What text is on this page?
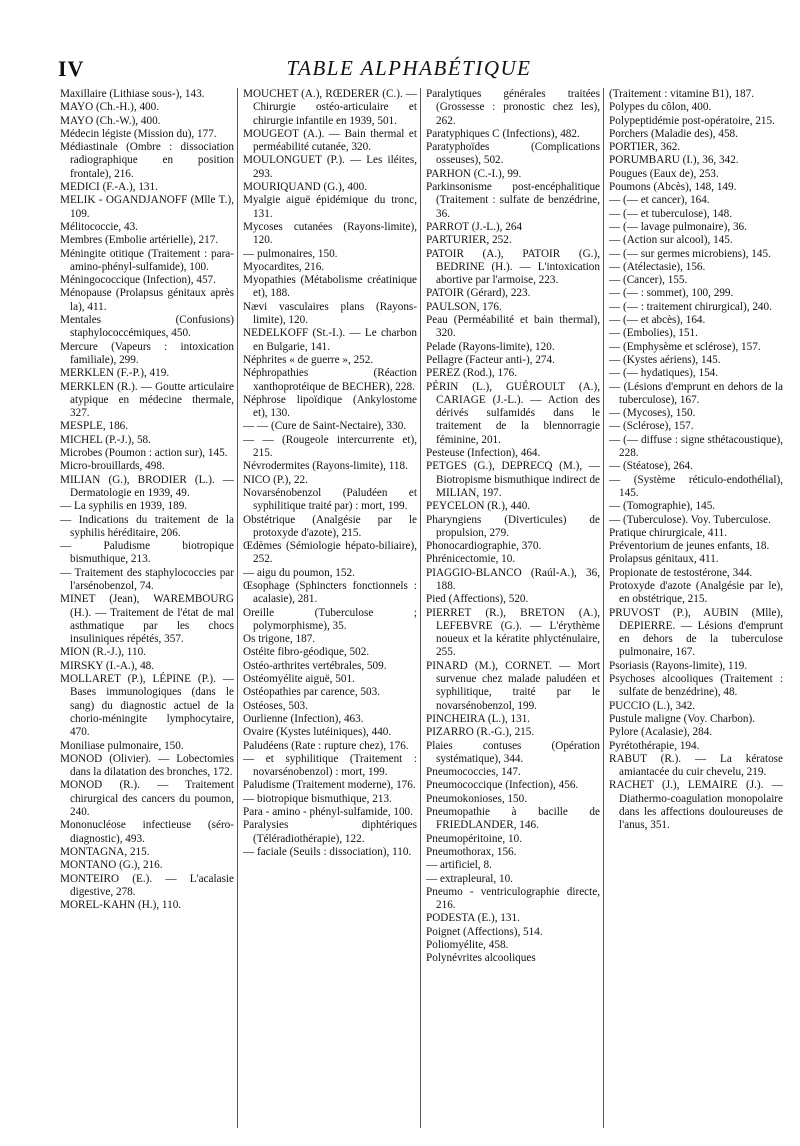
IV	TABLE ALPHABÉTIQUE

Maxillaire (Lithiase sous-), 143.

MAYO (Ch.-H.), 400.

MAYO (Ch.-W.), 400.

Médecin légiste (Mission du), 177.

Médiastinale (Ombre : dissociation radiographique en position frontale), 216.

MEDICI (F.-A.), 131.

MELIK - OGANDJANOFF (Mlle T.), 109.

Mélitococcie, 43.

Membres (Embolie artérielle), 217.

Méningite otitique (Traitement : para-amino-phényl-sulfamide), 100.

Méningococcique (Infection), 457.

Ménopause (Prolapsus génitaux après la), 411.

Mentales (Confusions) staphylococcémiques, 450.

Mercure (Vapeurs : intoxication familiale), 299.

MERKLEN (F.-P.), 419.

MERKLEN (R.). — Goutte articulaire atypique en médecine thermale, 327.

MESPLE, 186.

MICHEL (P.-J.), 58.

Microbes (Poumon : action sur), 145.

Micro-brouillards, 498.

MILIAN (G.), BRODIER (L.). — Dermatologie en 1939, 49.

— La syphilis en 1939, 189.

— Indications du traitement de la syphilis héréditaire, 206.

— Paludisme biotropique bismuthique, 213.

— Traitement des staphylococcies par l'arsénobenzol, 74.

MINET (Jean), WAREMBOURG (H.). — Traitement de l'état de mal asthmatique par les chocs insuliniques répétés, 357.

MION (R.-J.), 110.

MIRSKY (I.-A.), 48.

MOLLARET (P.), LÉPINE (P.). — Bases immunologiques (dans le sang) du diagnostic actuel de la chorio-méningite lymphocytaire, 470.

Moniliase pulmonaire, 150.

MONOD (Olivier). — Lobectomies dans la dilatation des bronches, 172.

MONOD (R.). — Traitement chirurgical des cancers du poumon, 240.

Mononucléose infectieuse (séro-diagnostic), 493.

MONTAGNA, 215.

MONTANO (G.), 216.

MONTEIRO (E.). — L'acalasie digestive, 278.

MOREL-KAHN (H.), 110.

MOUCHET (A.), RŒDERER (C.). — Chirurgie ostéo-articulaire et chirurgie infantile en 1939, 501.

MOUGEOT (A.). — Bain thermal et perméabilité cutanée, 320.

MOULONGUET (P.). — Les iléites, 293.

MOURIQUAND (G.), 400.

Myalgie aiguë épidémique du tronc, 131.

Mycoses cutanées (Rayons-limite), 120.

— pulmonaires, 150.

Myocardites, 216.

Myopathies (Métabolisme créatinique et), 188.

Nævi vasculaires plans (Rayons-limite), 120.

NEDELKOFF (St.-I.). — Le charbon en Bulgarie, 141.

Néphrites « de guerre », 252.

Néphropathies (Réaction xanthoprotéique de BECHER), 228.

Néphrose lipoïdique (Ankylostome et), 130.

— — (Cure de Saint-Nectaire), 330.

— — (Rougeole intercurrente et), 215.

Névrodermites (Rayons-limite), 118.

NICO (P.), 22.

Novarsénobenzol (Paludéen et syphilitique traité par) : mort, 199.

Obstétrique (Analgésie par le protoxyde d'azote), 215.

Œdèmes (Sémiologie hépato-biliaire), 252.

— aigu du poumon, 152.

Œsophage (Sphincters fonctionnels : acalasie), 281.

Oreille (Tuberculose ; polymorphisme), 35.

Os trigone, 187.

Ostéite fibro-géodique, 502.

Ostéo-arthrites vertébrales, 509.

Ostéomyélite aiguë, 501.

Ostéopathies par carence, 503.

Ostéoses, 503.

Ourlienne (Infection), 463.

Ovaire (Kystes lutéiniques), 440.

Paludéens (Rate : rupture chez), 176.

— et syphilitique (Traitement : novarsénobenzol) : mort, 199.

Paludisme (Traitement moderne), 176.

— biotropique bismuthique, 213.

Para - amino - phényl-sulfamide, 100.

Paralysies diphtériques (Téléradiothérapie), 122.

— faciale (Seuils : dissociation), 110.

Paralytiques générales traitées (Grossesse : pronostic chez les), 262.

Paratyphiques C (Infections), 482.

Paratyphoïdes (Complications osseuses), 502.

PARHON (C.-I.), 99.

Parkinsonisme post-encéphalitique (Traitement : sulfate de benzédrine, 36.

PARROT (J.-L.), 264

PARTURIER, 252.

PATOIR (A.), PATOIR (G.), BEDRINE (H.). — L'intoxication abortive par l'armoise, 223.

PATOIR (Gérard), 223.

PAULSON, 176.

Peau (Perméabilité et bain thermal), 320.

Pelade (Rayons-limite), 120.

Pellagre (Facteur anti-), 274.

PEREZ (Rod.), 176.

PÉRIN (L.), GUÉROULT (A.), CARIAGE (J.-L.). — Action des dérivés sulfamidés dans le traitement de la blennorragie féminine, 201.

Pesteuse (Infection), 464.

PETGES (G.), DEPRECQ (M.), — Biotropisme bismuthique indirect de MILIAN, 197.

PEYCELON (R.), 440.

Pharyngiens (Diverticules) de propulsion, 279.

Phonocardiographie, 370.

Phrénicectomie, 10.

PIAGGIO-BLANCO (Raúl-A.), 36, 188.

Pied (Affections), 520.

PIERRET (R.), BRETON (A.), LEFEBVRE (G.). — L'érythème noueux et la kératite phlycténulaire, 255.

PINARD (M.), CORNET. — Mort survenue chez malade paludéen et syphilitique, traité par le novarsénobenzol, 199.

PINCHEIRA (L.), 131.

PIZARRO (R.-G.), 215.

Plaies contuses (Opération systématique), 344.

Pneumococcies, 147.

Pneumococcique (Infection), 456.

Pneumokonioses, 150.

Pneumopathie à bacille de FRIEDLANDER, 146.

Pneumopéritoine, 10.

Pneumothorax, 156.

— artificiel, 8.

— extrapleural, 10.

Pneumo - ventriculographie directe, 216.

PODESTA (E.), 131.

Poignet (Affections), 514.

Poliomyélite, 458.

Polynévrites alcooliques

(Traitement : vitamine B1), 187.

Polypes du côlon, 400.

Polypeptidémie post-opératoire, 215.

Porchers (Maladie des), 458.

PORTIER, 362.

PORUMBARU (I.), 36, 342.

Pougues (Eaux de), 253.

Poumons (Abcès), 148, 149.

— (— et cancer), 164.

— (— et tuberculose), 148.

— (— lavage pulmonaire), 36.

— (Action sur alcool), 145.

— (— sur germes microbiens), 145.

— (Atélectasie), 156.

— (Cancer), 155.

— (— : sommet), 100, 299.

— (— : traitement chirurgical), 240.

— (— et abcès), 164.

— (Embolies), 151.

— (Emphysème et sclérose), 157.

— (Kystes aériens), 145.

— (— hydatiques), 154.

— (Lésions d'emprunt en dehors de la tuberculose), 167.

— (Mycoses), 150.

— (Sclérose), 157.

— (— diffuse : signe sthétacoustique), 228.

— (Stéatose), 264.

— (Système réticulo-endothélial), 145.

— (Tomographie), 145.

— (Tuberculose). Voy. Tuberculose.

Pratique chirurgicale, 411.

Préventorium de jeunes enfants, 18.

Prolapsus génitaux, 411.

Propionate de testostérone, 344.

Protoxyde d'azote (Analgésie par le), en obstétrique, 215.

PRUVOST (P.), AUBIN (Mlle), DEPIERRE. — Lésions d'emprunt en dehors de la tuberculose pulmonaire, 167.

Psoriasis (Rayons-limite), 119.

Psychoses alcooliques (Traitement : sulfate de benzédrine), 48.

PUCCIO (L.), 342.

Pustule maligne (Voy. Charbon).

Pylore (Acalasie), 284.

Pyrétothérapie, 194.

RABUT (R.). — La kératose amiantacée du cuir chevelu, 219.

RACHET (J.), LEMAIRE (J.). — Diathermo-coagulation monopolaire dans les affections douloureuses de l'anus, 351.
